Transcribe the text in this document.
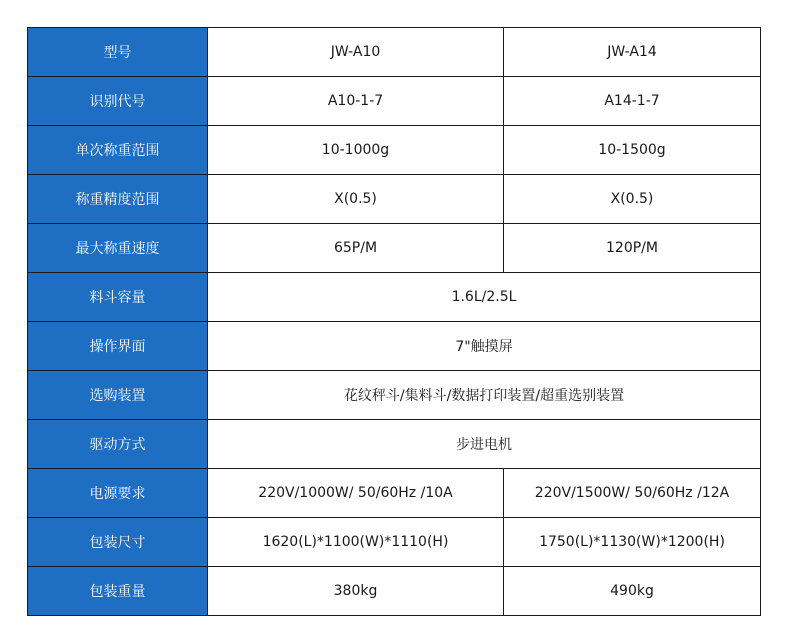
型号	JW-A10	JW-A14
识别代号	A10-1-7	A14-1-7
单次称重范围	10-1000g	10-1500g
称重精度范围	X(0.5)	X(0.5)
最大称重速度	65P/M	120P/M
料斗容量	1.6L/2.5L	
操作界面	7"触摸屏	
选购装置	花纹秤斗/集料斗/数据打印装置/超重选别装置	
驱动方式	步进电机	
电源要求	220V/1000W/ 50/60Hz /10A	220V/1500W/ 50/60Hz /12A
包装尺寸	1620(L)*1100(W)*1110(H)	1750(L)*1130(W)*1200(H)
包装重量	380kg	490kg
